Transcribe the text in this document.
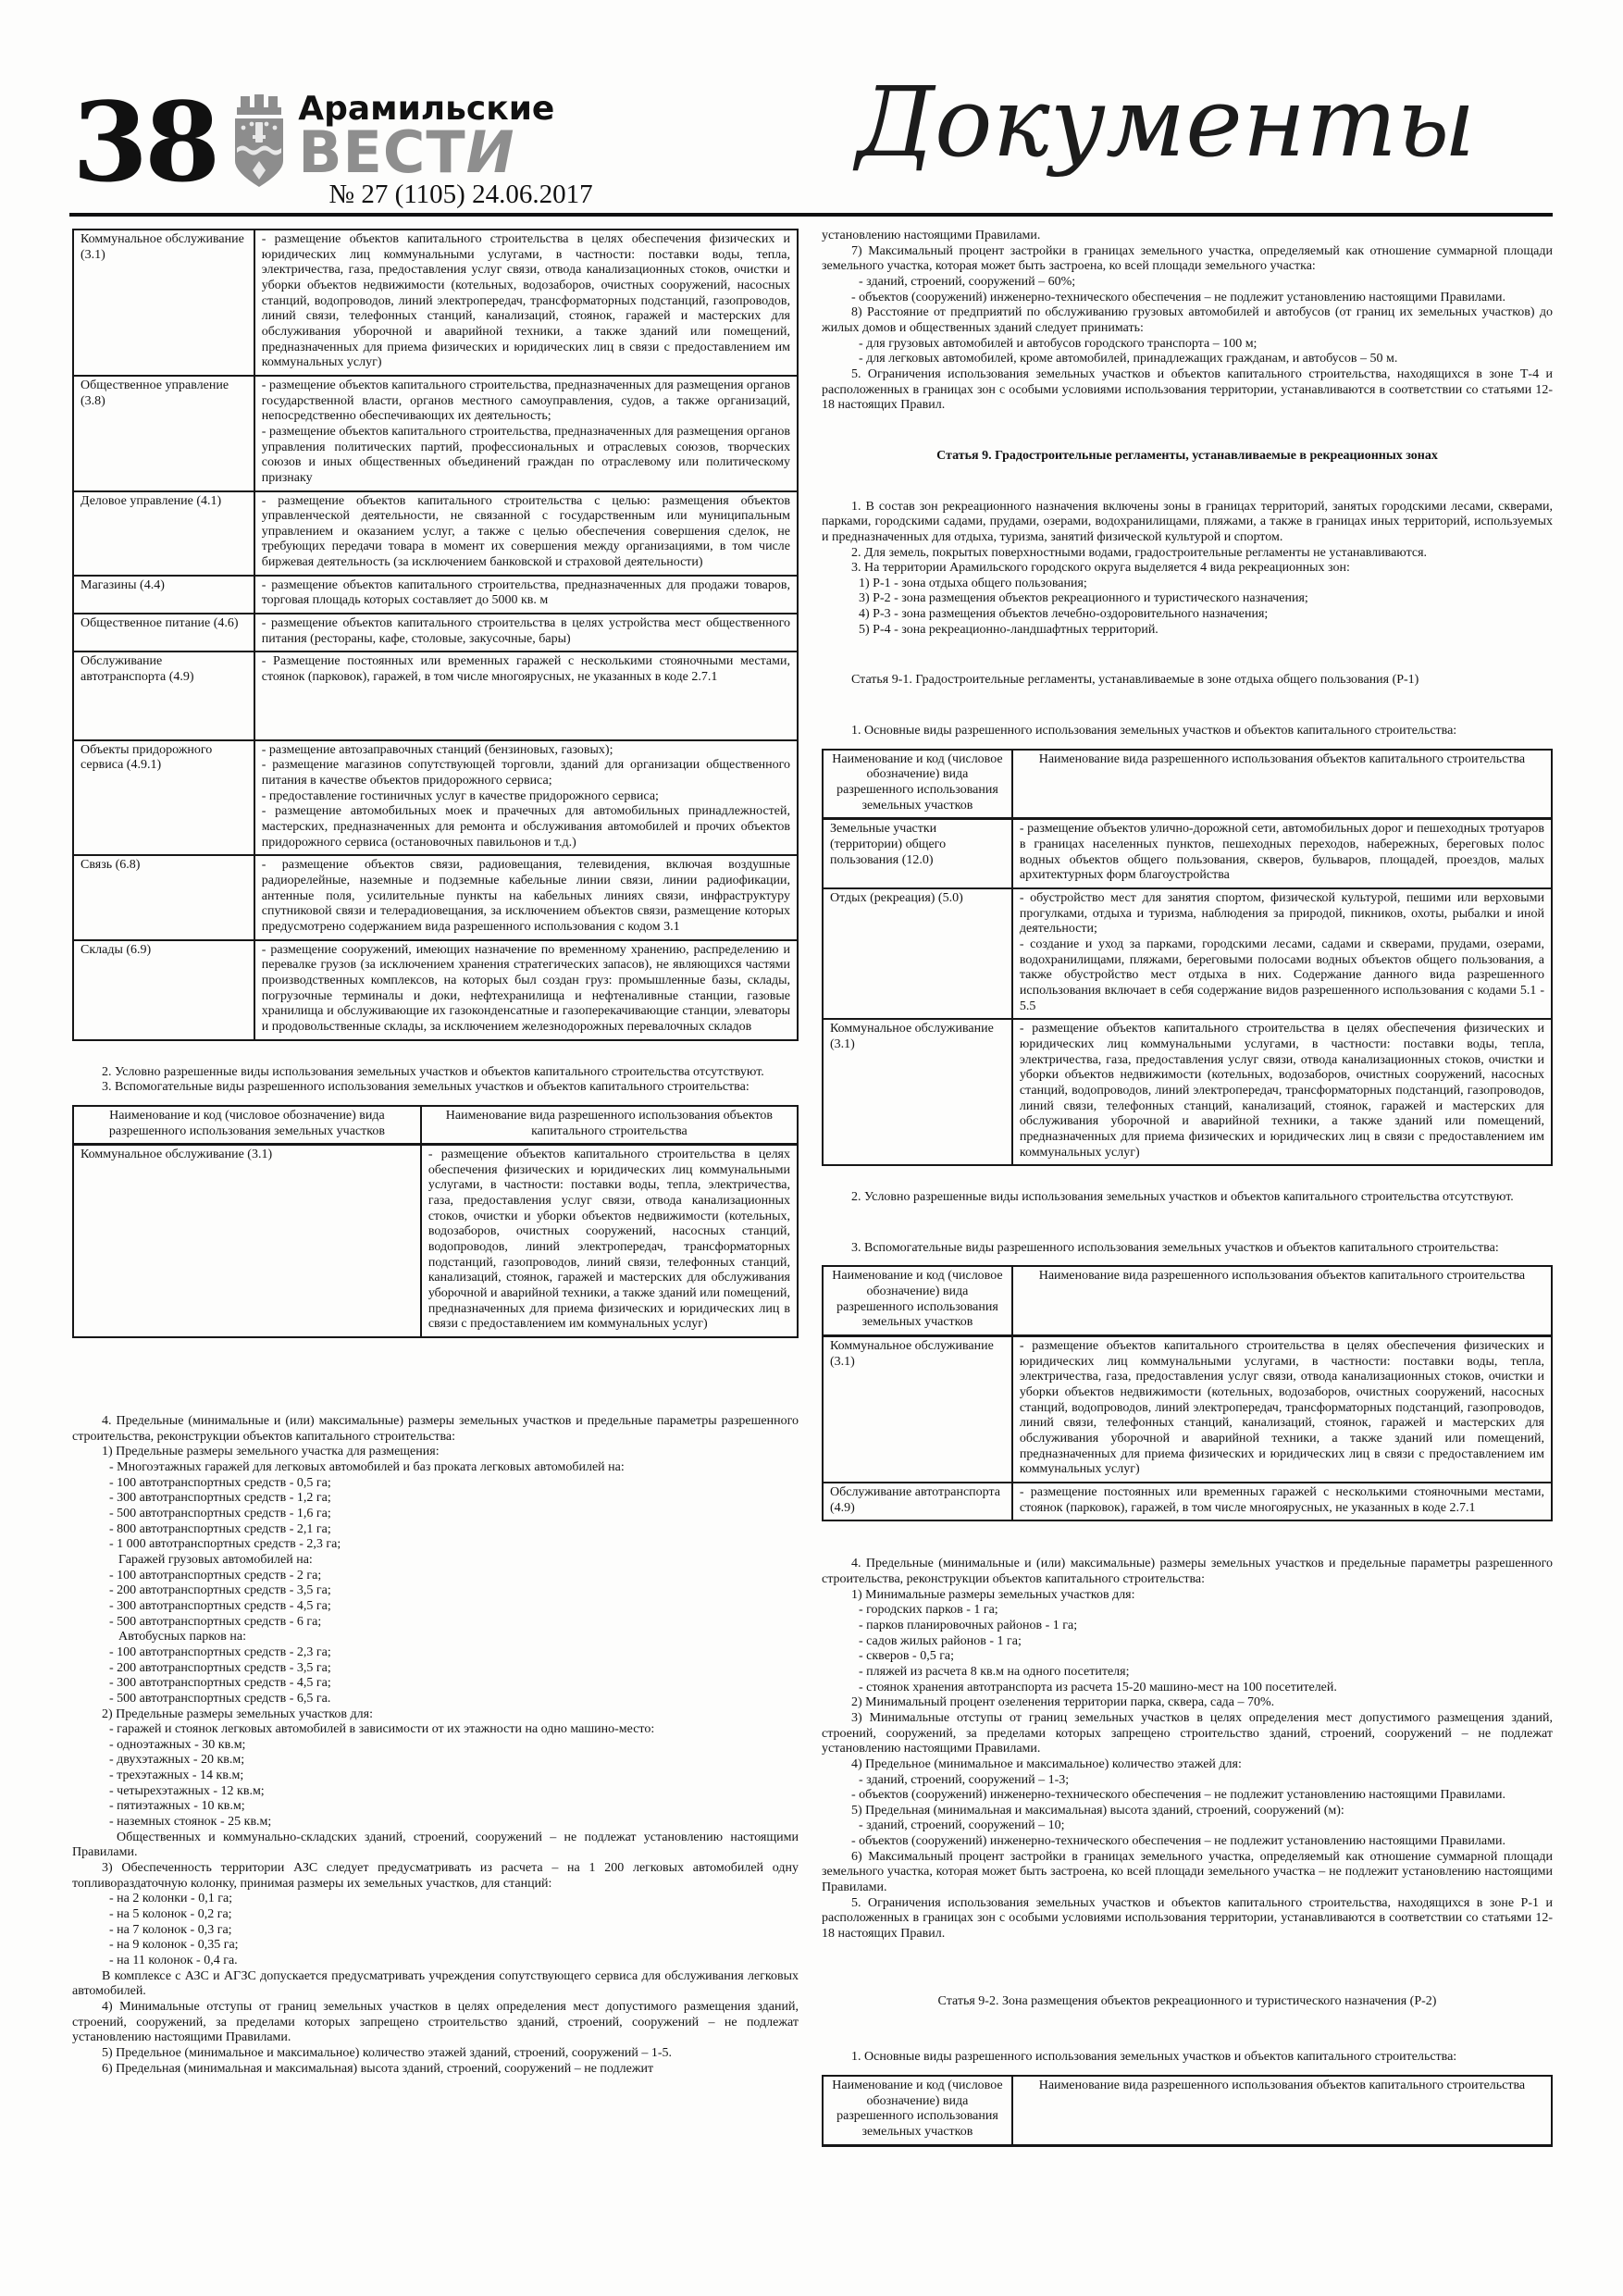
38 Арамильские
ВЕСТИ
№ 27 (1105) 24.06.2017
Документы
Коммунальное обслуживание (3.1)	- размещение объектов капитального строительства в целях обеспечения физических и юридических лиц коммунальными услугами, в частности: поставки воды, тепла, электричества, газа, предоставления услуг связи, отвода канализационных стоков, очистки и уборки объектов недвижимости (котельных, водозаборов, очистных сооружений, насосных станций, водопроводов, линий электропередач, трансформаторных подстанций, газопроводов, линий связи, телефонных станций, канализаций, стоянок, гаражей и мастерских для обслуживания уборочной и аварийной техники, а также зданий или помещений, предназначенных для приема физических и юридических лиц в связи с предоставлением им коммунальных услуг)

Общественное управление (3.8)	- размещение объектов капитального строительства, предназначенных для размещения органов государственной власти, органов местного самоуправления, судов, а также организаций, непосредственно обеспечивающих их деятельность;
- размещение объектов капитального строительства, предназначенных для размещения органов управления политических партий, профессиональных и отраслевых союзов, творческих союзов и иных общественных объединений граждан по отраслевому или политическому признаку

Деловое управление (4.1)	- размещение объектов капитального строительства с целью: размещения объектов управленческой деятельности, не связанной с государственным или муниципальным управлением и оказанием услуг, а также с целью обеспечения совершения сделок, не требующих передачи товара в момент их совершения между организациями, в том числе биржевая деятельность (за исключением банковской и страховой деятельности)

Магазины (4.4)	- размещение объектов капитального строительства, предназначенных для продажи товаров, торговая площадь которых составляет до 5000 кв. м

Общественное питание (4.6)	- размещение объектов капитального строительства в целях устройства мест общественного питания (рестораны, кафе, столовые, закусочные, бары)

Обслуживание автотранспорта (4.9)	- Размещение постоянных или временных гаражей с несколькими стояночными местами, стоянок (парковок), гаражей, в том числе многоярусных, не указанных в коде 2.7.1

Объекты придорожного сервиса (4.9.1)	- размещение автозаправочных станций (бензиновых, газовых);
- размещение магазинов сопутствующей торговли, зданий для организации общественного питания в качестве объектов придорожного сервиса;
- предоставление гостиничных услуг в качестве придорожного сервиса;
- размещение автомобильных моек и прачечных для автомобильных принадлежностей, мастерских, предназначенных для ремонта и обслуживания автомобилей и прочих объектов придорожного сервиса (остановочных павильонов и т.д.)

Связь (6.8)	- размещение объектов связи, радиовещания, телевидения, включая воздушные радиорелейные, наземные и подземные кабельные линии связи, линии радиофикации, антенные поля, усилительные пункты на кабельных линиях связи, инфраструктуру спутниковой связи и телерадиовещания, за исключением объектов связи, размещение которых предусмотрено содержанием вида разрешенного использования с кодом 3.1

Склады (6.9)	- размещение сооружений, имеющих назначение по временному хранению, распределению и перевалке грузов (за исключением хранения стратегических запасов), не являющихся частями производственных комплексов, на которых был создан груз: промышленные базы, склады, погрузочные терминалы и доки, нефтехранилища и нефтеналивные станции, газовые хранилища и обслуживающие их газоконденсатные и газоперекачивающие станции, элеваторы и продовольственные склады, за исключением железнодорожных перевалочных складов
2. Условно разрешенные виды использования земельных участков и объектов капитального строительства отсутствуют.
3. Вспомогательные виды разрешенного использования земельных участков и объектов капитального строительства:
Наименование и код (числовое обозначение) вида разрешенного использования земельных участков	Наименование вида разрешенного использования объектов капитального строительства
Коммунальное обслуживание (3.1)	- размещение объектов капитального строительства в целях обеспечения физических и юридических лиц коммунальными услугами, в частности: поставки воды, тепла, электричества, газа, предоставления услуг связи, отвода канализационных стоков, очистки и уборки объектов недвижимости (котельных, водозаборов, очистных сооружений, насосных станций, водопроводов, линий электропередач, трансформаторных подстанций, газопроводов, линий связи, телефонных станций, канализаций, стоянок, гаражей и мастерских для обслуживания уборочной и аварийной техники, а также зданий или помещений, предназначенных для приема физических и юридических лиц в связи с предоставлением им коммунальных услуг)
4. Предельные (минимальные и (или) максимальные) размеры земельных участков и предельные параметры разрешенного строительства, реконструкции объектов капитального строительства:
1) Предельные размеры земельного участка для размещения:
- Многоэтажных гаражей для легковых автомобилей и баз проката легковых автомобилей на:
- 100 автотранспортных средств - 0,5 га;
- 300 автотранспортных средств - 1,2 га;
- 500 автотранспортных средств - 1,6 га;
- 800 автотранспортных средств - 2,1 га;
- 1 000 автотранспортных средств - 2,3 га;
Гаражей грузовых автомобилей на:
- 100 автотранспортных средств - 2 га;
- 200 автотранспортных средств - 3,5 га;
- 300 автотранспортных средств - 4,5 га;
- 500 автотранспортных средств - 6 га;
Автобусных парков на:
- 100 автотранспортных средств - 2,3 га;
- 200 автотранспортных средств - 3,5 га;
- 300 автотранспортных средств - 4,5 га;
- 500 автотранспортных средств - 6,5 га.
2) Предельные размеры земельных участков для:
- гаражей и стоянок легковых автомобилей в зависимости от их этажности на одно машино-место:
- одноэтажных - 30 кв.м;
- двухэтажных - 20 кв.м;
- трехэтажных - 14 кв.м;
- четырехэтажных - 12 кв.м;
- пятиэтажных - 10 кв.м;
- наземных стоянок - 25 кв.м;
Общественных и коммунально-складских зданий, строений, сооружений – не подлежат установлению настоящими Правилами.
3) Обеспеченность территории АЗС следует предусматривать из расчета – на 1 200 легковых автомобилей одну топливораздаточную колонку, принимая размеры их земельных участков, для станций:
- на 2 колонки - 0,1 га;
- на 5 колонок - 0,2 га;
- на 7 колонок - 0,3 га;
- на 9 колонок - 0,35 га;
- на 11 колонок - 0,4 га.
В комплексе с АЗС и АГЗС допускается предусматривать учреждения сопутствующего сервиса для обслуживания легковых автомобилей.
4) Минимальные отступы от границ земельных участков в целях определения мест допустимого размещения зданий, строений, сооружений, за пределами которых запрещено строительство зданий, строений, сооружений – не подлежат установлению настоящими Правилами.
5) Предельное (минимальное и максимальное) количество этажей зданий, строений, сооружений – 1-5.
6) Предельная (минимальная и максимальная) высота зданий, строений, сооружений – не подлежит
установлению настоящими Правилами.
7) Максимальный процент застройки в границах земельного участка, определяемый как отношение суммарной площади земельного участка, которая может быть застроена, ко всей площади земельного участка:
- зданий, строений, сооружений – 60%;
- объектов (сооружений) инженерно-технического обеспечения – не подлежит установлению настоящими Правилами.
8) Расстояние от предприятий по обслуживанию грузовых автомобилей и автобусов (от границ их земельных участков) до жилых домов и общественных зданий следует принимать:
- для грузовых автомобилей и автобусов городского транспорта – 100 м;
- для легковых автомобилей, кроме автомобилей, принадлежащих гражданам, и автобусов – 50 м.
5. Ограничения использования земельных участков и объектов капитального строительства, находящихся в зоне Т-4 и расположенных в границах зон с особыми условиями использования территории, устанавливаются в соответствии со статьями 12-18 настоящих Правил.
Статья 9. Градостроительные регламенты, устанавливаемые в рекреационных зонах
1. В состав зон рекреационного назначения включены зоны в границах территорий, занятых городскими лесами, скверами, парками, городскими садами, прудами, озерами, водохранилищами, пляжами, а также в границах иных территорий, используемых и предназначенных для отдыха, туризма, занятий физической культурой и спортом.
2. Для земель, покрытых поверхностными водами, градостроительные регламенты не устанавливаются.
3. На территории Арамильского городского округа выделяется 4 вида рекреационных зон:
1) Р-1 - зона отдыха общего пользования;
3) Р-2 - зона размещения объектов рекреационного и туристического назначения;
4) Р-3 - зона размещения объектов лечебно-оздоровительного назначения;
5) Р-4 - зона рекреационно-ландшафтных территорий.
Статья 9-1. Градостроительные регламенты, устанавливаемые в зоне отдыха общего пользования (Р-1)
1. Основные виды разрешенного использования земельных участков и объектов капитального строительства:
Наименование и код (числовое обозначение) вида разрешенного использования земельных участков	Наименование вида разрешенного использования объектов капитального строительства
Земельные участки (территории) общего пользования (12.0)	- размещение объектов улично-дорожной сети, автомобильных дорог и пешеходных тротуаров в границах населенных пунктов, пешеходных переходов, набережных, береговых полос водных объектов общего пользования, скверов, бульваров, площадей, проездов, малых архитектурных форм благоустройства

Отдых (рекреация) (5.0)	- обустройство мест для занятия спортом, физической культурой, пешими или верховыми прогулками, отдыха и туризма, наблюдения за природой, пикников, охоты, рыбалки и иной деятельности;
- создание и уход за парками, городскими лесами, садами и скверами, прудами, озерами, водохранилищами, пляжами, береговыми полосами водных объектов общего пользования, а также обустройство мест отдыха в них. Содержание данного вида разрешенного использования включает в себя содержание видов разрешенного использования с кодами 5.1 - 5.5

Коммунальное обслуживание (3.1)	- размещение объектов капитального строительства в целях обеспечения физических и юридических лиц коммунальными услугами, в частности: поставки воды, тепла, электричества, газа, предоставления услуг связи, отвода канализационных стоков, очистки и уборки объектов недвижимости (котельных, водозаборов, очистных сооружений, насосных станций, водопроводов, линий электропередач, трансформаторных подстанций, газопроводов, линий связи, телефонных станций, канализаций, стоянок, гаражей и мастерских для обслуживания уборочной и аварийной техники, а также зданий или помещений, предназначенных для приема физических и юридических лиц в связи с предоставлением им коммунальных услуг)
2. Условно разрешенные виды использования земельных участков и объектов капитального строительства отсутствуют.
3. Вспомогательные виды разрешенного использования земельных участков и объектов капитального строительства:
Наименование и код (числовое обозначение) вида разрешенного использования земельных участков	Наименование вида разрешенного использования объектов капитального строительства
Коммунальное обслуживание (3.1)	- размещение объектов капитального строительства в целях обеспечения физических и юридических лиц коммунальными услугами, в частности: поставки воды, тепла, электричества, газа, предоставления услуг связи, отвода канализационных стоков, очистки и уборки объектов недвижимости (котельных, водозаборов, очистных сооружений, насосных станций, водопроводов, линий электропередач, трансформаторных подстанций, газопроводов, линий связи, телефонных станций, канализаций, стоянок, гаражей и мастерских для обслуживания уборочной и аварийной техники, а также зданий или помещений, предназначенных для приема физических и юридических лиц в связи с предоставлением им коммунальных услуг)

Обслуживание автотранспорта (4.9)	- размещение постоянных или временных гаражей с несколькими стояночными местами, стоянок (парковок), гаражей, в том числе многоярусных, не указанных в коде 2.7.1
4. Предельные (минимальные и (или) максимальные) размеры земельных участков и предельные параметры разрешенного строительства, реконструкции объектов капитального строительства:
1) Минимальные размеры земельных участков для:
- городских парков - 1 га;
- парков планировочных районов - 1 га;
- садов жилых районов - 1 га;
- скверов - 0,5 га;
- пляжей из расчета 8 кв.м на одного посетителя;
- стоянок хранения автотранспорта из расчета 15-20 машино-мест на 100 посетителей.
2) Минимальный процент озеленения территории парка, сквера, сада – 70%.
3) Минимальные отступы от границ земельных участков в целях определения мест допустимого размещения зданий, строений, сооружений, за пределами которых запрещено строительство зданий, строений, сооружений – не подлежат установлению настоящими Правилами.
4) Предельное (минимальное и максимальное) количество этажей для:
- зданий, строений, сооружений – 1-3;
- объектов (сооружений) инженерно-технического обеспечения – не подлежит установлению настоящими Правилами.
5) Предельная (минимальная и максимальная) высота зданий, строений, сооружений (м):
- зданий, строений, сооружений – 10;
- объектов (сооружений) инженерно-технического обеспечения – не подлежит установлению настоящими Правилами.
6) Максимальный процент застройки в границах земельного участка, определяемый как отношение суммарной площади земельного участка, которая может быть застроена, ко всей площади земельного участка – не подлежит установлению настоящими Правилами.
5. Ограничения использования земельных участков и объектов капитального строительства, находящихся в зоне Р-1 и расположенных в границах зон с особыми условиями использования территории, устанавливаются в соответствии со статьями 12-18 настоящих Правил.
Статья 9-2. Зона размещения объектов рекреационного и туристического назначения (Р-2)
1. Основные виды разрешенного использования земельных участков и объектов капитального строительства:
Наименование и код (числовое обозначение) вида разрешенного использования земельных участков	Наименование вида разрешенного использования объектов капитального строительства
